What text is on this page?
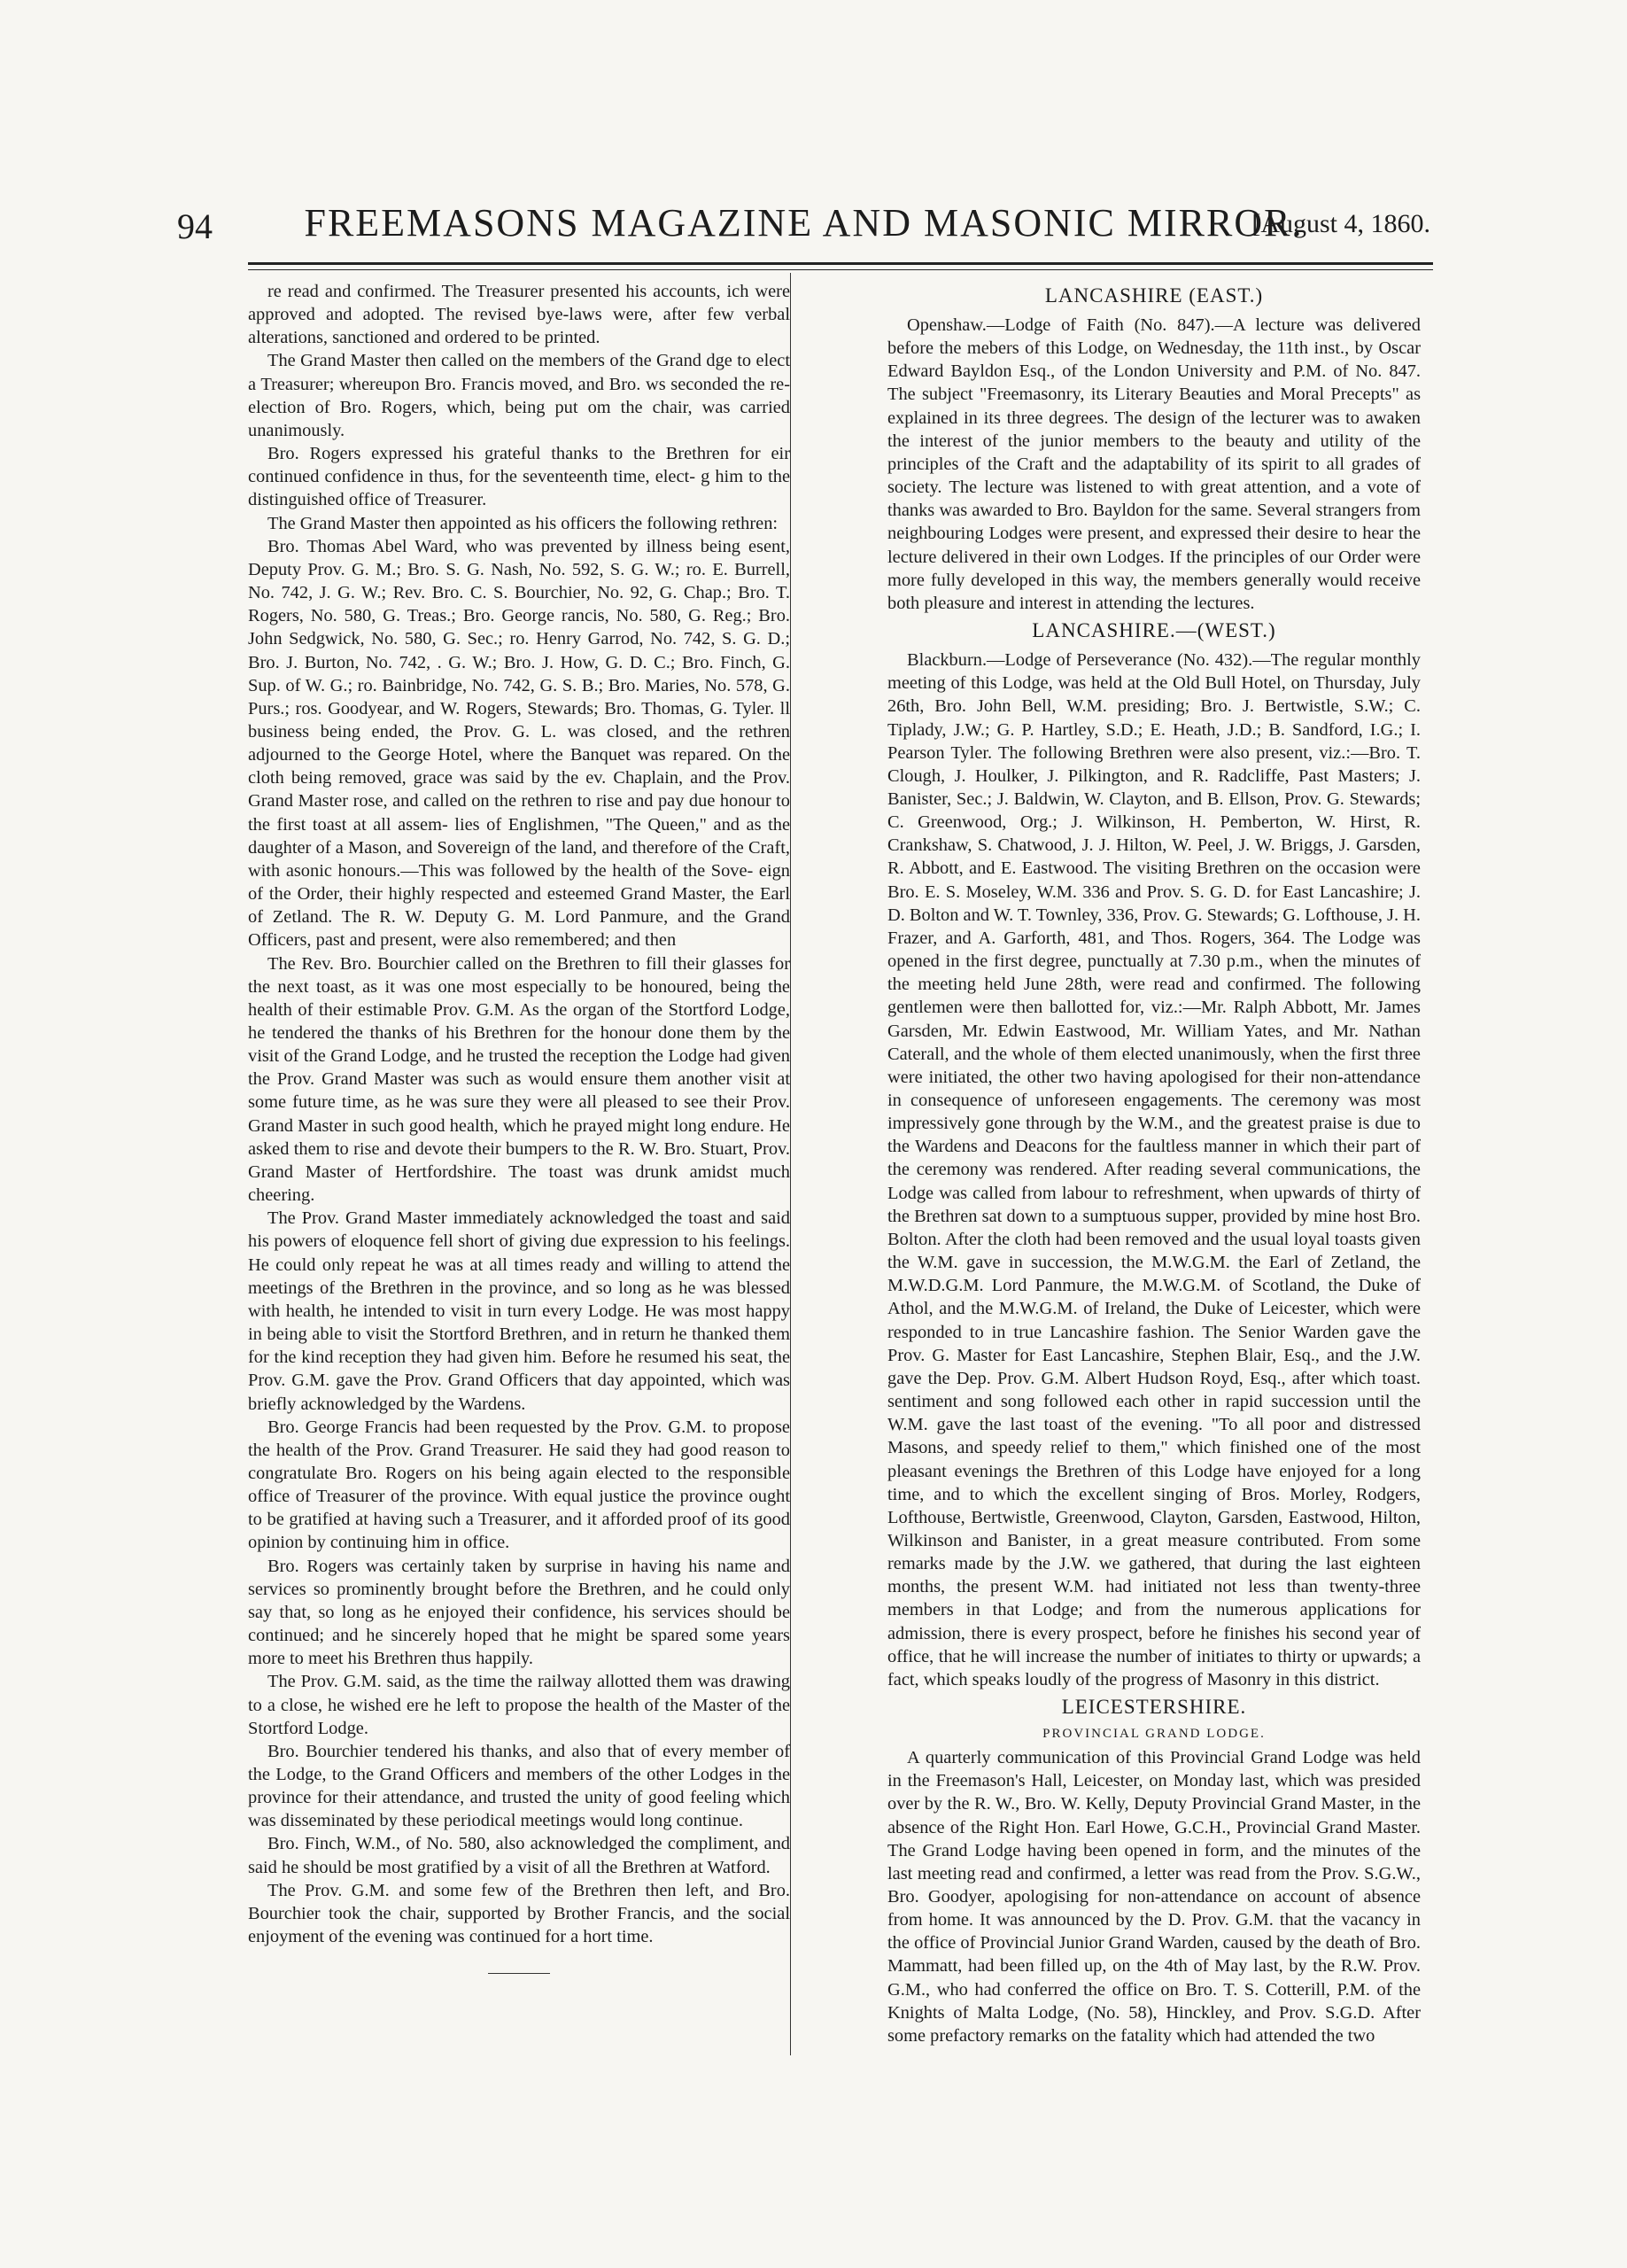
94	FREEMASONS MAGAZINE AND MASONIC MIRROR.
[August 4, 1860.

re read and confirmed. The Treasurer presented his accounts, ich were approved and adopted. The revised bye-laws were, after few verbal alterations, sanctioned and ordered to be printed.

The Grand Master then called on the members of the Grand dge to elect a Treasurer; whereupon Bro. Francis moved, and Bro. ws seconded the re-election of Bro. Rogers, which, being put om the chair, was carried unanimously.

Bro. Rogers expressed his grateful thanks to the Brethren for eir continued confidence in thus, for the seventeenth time, elect- g him to the distinguished office of Treasurer.

The Grand Master then appointed as his officers the following rethren:

Bro. Thomas Abel Ward, who was prevented by illness being esent, Deputy Prov. G. M.; Bro. S. G. Nash, No. 592, S. G. W.; ro. E. Burrell, No. 742, J. G. W.; Rev. Bro. C. S. Bourchier, No. 92, G. Chap.; Bro. T. Rogers, No. 580, G. Treas.; Bro. George rancis, No. 580, G. Reg.; Bro. John Sedgwick, No. 580, G. Sec.; ro. Henry Garrod, No. 742, S. G. D.; Bro. J. Burton, No. 742, . G. W.; Bro. J. How, G. D. C.; Bro. Finch, G. Sup. of W. G.; ro. Bainbridge, No. 742, G. S. B.; Bro. Maries, No. 578, G. Purs.; ros. Goodyear, and W. Rogers, Stewards; Bro. Thomas, G. Tyler. ll business being ended, the Prov. G. L. was closed, and the rethren adjourned to the George Hotel, where the Banquet was repared. On the cloth being removed, grace was said by the ev. Chaplain, and the Prov. Grand Master rose, and called on the rethren to rise and pay due honour to the first toast at all assem- lies of Englishmen, "The Queen," and as the daughter of a Mason, and Sovereign of the land, and therefore of the Craft, with asonic honours.—This was followed by the health of the Sove- eign of the Order, their highly respected and esteemed Grand Master, the Earl of Zetland. The R. W. Deputy G. M. Lord Panmure, and the Grand Officers, past and present, were also remembered; and then

The Rev. Bro. Bourchier called on the Brethren to fill their glasses for the next toast, as it was one most especially to be honoured, being the health of their estimable Prov. G.M. As the organ of the Stortford Lodge, he tendered the thanks of his Brethren for the honour done them by the visit of the Grand Lodge, and he trusted the reception the Lodge had given the Prov. Grand Master was such as would ensure them another visit at some future time, as he was sure they were all pleased to see their Prov. Grand Master in such good health, which he prayed might long endure. He asked them to rise and devote their bumpers to the R. W. Bro. Stuart, Prov. Grand Master of Hertfordshire. The toast was drunk amidst much cheering.

The Prov. Grand Master immediately acknowledged the toast and said his powers of eloquence fell short of giving due expression to his feelings. He could only repeat he was at all times ready and willing to attend the meetings of the Brethren in the province, and so long as he was blessed with health, he intended to visit in turn every Lodge. He was most happy in being able to visit the Stortford Brethren, and in return he thanked them for the kind reception they had given him. Before he resumed his seat, the Prov. G.M. gave the Prov. Grand Officers that day appointed, which was briefly acknowledged by the Wardens.

Bro. George Francis had been requested by the Prov. G.M. to propose the health of the Prov. Grand Treasurer. He said they had good reason to congratulate Bro. Rogers on his being again elected to the responsible office of Treasurer of the province. With equal justice the province ought to be gratified at having such a Treasurer, and it afforded proof of its good opinion by continuing him in office.

Bro. Rogers was certainly taken by surprise in having his name and services so prominently brought before the Brethren, and he could only say that, so long as he enjoyed their confidence, his services should be continued; and he sincerely hoped that he might be spared some years more to meet his Brethren thus happily.

The Prov. G.M. said, as the time the railway allotted them was drawing to a close, he wished ere he left to propose the health of the Master of the Stortford Lodge.

Bro. Bourchier tendered his thanks, and also that of every member of the Lodge, to the Grand Officers and members of the other Lodges in the province for their attendance, and trusted the unity of good feeling which was disseminated by these periodical meetings would long continue.

Bro. Finch, W.M., of No. 580, also acknowledged the compliment, and said he should be most gratified by a visit of all the Brethren at Watford.

The Prov. G.M. and some few of the Brethren then left, and Bro. Bourchier took the chair, supported by Brother Francis, and the social enjoyment of the evening was continued for a hort time.

LANCASHIRE (EAST.)

Openshaw.—Lodge of Faith (No. 847).—A lecture was delivered before the mebers of this Lodge, on Wednesday, the 11th inst., by Oscar Edward Bayldon Esq., of the London University and P.M. of No. 847. The subject "Freemasonry, its Literary Beauties and Moral Precepts" as explained in its three degrees. The design of the lecturer was to awaken the interest of the junior members to the beauty and utility of the principles of the Craft and the adaptability of its spirit to all grades of society. The lecture was listened to with great attention, and a vote of thanks was awarded to Bro. Bayldon for the same. Several strangers from neighbouring Lodges were present, and expressed their desire to hear the lecture delivered in their own Lodges. If the principles of our Order were more fully developed in this way, the members generally would receive both pleasure and interest in attending the lectures.

LANCASHIRE.—(WEST.)

Blackburn.—Lodge of Perseverance (No. 432).—The regular monthly meeting of this Lodge, was held at the Old Bull Hotel, on Thursday, July 26th, Bro. John Bell, W.M. presiding; Bro. J. Bertwistle, S.W.; C. Tiplady, J.W.; G. P. Hartley, S.D.; E. Heath, J.D.; B. Sandford, I.G.; I. Pearson Tyler. The following Brethren were also present, viz.:—Bro. T. Clough, J. Houlker, J. Pilkington, and R. Radcliffe, Past Masters; J. Banister, Sec.; J. Baldwin, W. Clayton, and B. Ellson, Prov. G. Stewards; C. Greenwood, Org.; J. Wilkinson, H. Pemberton, W. Hirst, R. Crankshaw, S. Chatwood, J. J. Hilton, W. Peel, J. W. Briggs, J. Garsden, R. Abbott, and E. Eastwood. The visiting Brethren on the occasion were Bro. E. S. Moseley, W.M. 336 and Prov. S. G. D. for East Lancashire; J. D. Bolton and W. T. Townley, 336, Prov. G. Stewards; G. Lofthouse, J. H. Frazer, and A. Garforth, 481, and Thos. Rogers, 364. The Lodge was opened in the first degree, punctually at 7.30 p.m., when the minutes of the meeting held June 28th, were read and confirmed. The following gentlemen were then ballotted for, viz.:—Mr. Ralph Abbott, Mr. James Garsden, Mr. Edwin Eastwood, Mr. William Yates, and Mr. Nathan Caterall, and the whole of them elected unanimously, when the first three were initiated, the other two having apologised for their non-attendance in consequence of unforeseen engagements. The ceremony was most impressively gone through by the W.M., and the greatest praise is due to the Wardens and Deacons for the faultless manner in which their part of the ceremony was rendered. After reading several communications, the Lodge was called from labour to refreshment, when upwards of thirty of the Brethren sat down to a sumptuous supper, provided by mine host Bro. Bolton. After the cloth had been removed and the usual loyal toasts given the W.M. gave in succession, the M.W.G.M. the Earl of Zetland, the M.W.D.G.M. Lord Panmure, the M.W.G.M. of Scotland, the Duke of Athol, and the M.W.G.M. of Ireland, the Duke of Leicester, which were responded to in true Lancashire fashion. The Senior Warden gave the Prov. G. Master for East Lancashire, Stephen Blair, Esq., and the J.W. gave the Dep. Prov. G.M. Albert Hudson Royd, Esq., after which toast. sentiment and song followed each other in rapid succession until the W.M. gave the last toast of the evening. "To all poor and distressed Masons, and speedy relief to them," which finished one of the most pleasant evenings the Brethren of this Lodge have enjoyed for a long time, and to which the excellent singing of Bros. Morley, Rodgers, Lofthouse, Bertwistle, Greenwood, Clayton, Garsden, Eastwood, Hilton, Wilkinson and Banister, in a great measure contributed. From some remarks made by the J.W. we gathered, that during the last eighteen months, the present W.M. had initiated not less than twenty-three members in that Lodge; and from the numerous applications for admission, there is every prospect, before he finishes his second year of office, that he will increase the number of initiates to thirty or upwards; a fact, which speaks loudly of the progress of Masonry in this district.

LEICESTERSHIRE.
PROVINCIAL GRAND LODGE.

A quarterly communication of this Provincial Grand Lodge was held in the Freemason's Hall, Leicester, on Monday last, which was presided over by the R. W., Bro. W. Kelly, Deputy Provincial Grand Master, in the absence of the Right Hon. Earl Howe, G.C.H., Provincial Grand Master. The Grand Lodge having been opened in form, and the minutes of the last meeting read and confirmed, a letter was read from the Prov. S.G.W., Bro. Goodyer, apologising for non-attendance on account of absence from home. It was announced by the D. Prov. G.M. that the vacancy in the office of Provincial Junior Grand Warden, caused by the death of Bro. Mammatt, had been filled up, on the 4th of May last, by the R.W. Prov. G.M., who had conferred the office on Bro. T. S. Cotterill, P.M. of the Knights of Malta Lodge, (No. 58), Hinckley, and Prov. S.G.D. After some prefactory remarks on the fatality which had attended the two
